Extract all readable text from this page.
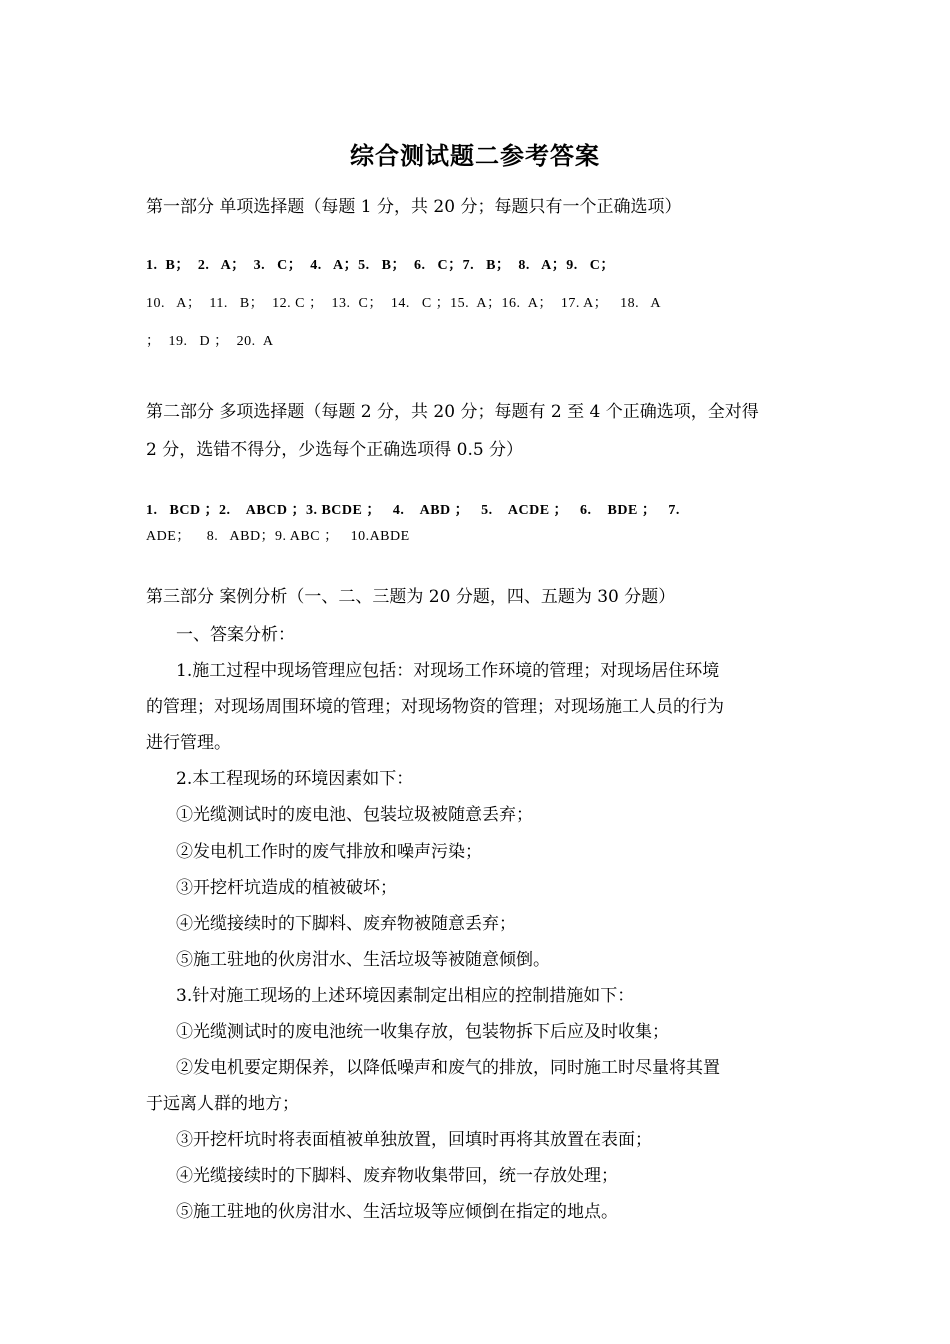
综合测试题二参考答案
第一部分 单项选择题（每题 1 分，共 20 分；每题只有一个正确选项）
1.  B；  2.   A；  3.   C；  4.   A；5.   B；  6.   C；7.   B；  8.   A；9.   C；
10.   A；  11.   B；  12. C ；  13.  C；  14.   C ；15.  A；16.  A；  17. A；   18.   A
；  19.   D ；  20.  A
第二部分 多项选择题（每题 2 分，共 20 分；每题有 2 至 4 个正确选项，全对得
2 分，选错不得分，少选每个正确选项得 0.5 分）
1.   BCD ；2.    ABCD ；3. BCDE ；   4.    ABD ；   5.    ACDE ；   6.    BDE ；   7.
ADE；    8.   ABD；9. ABC ；   10.ABDE
第三部分 案例分析（一、二、三题为 20 分题，四、五题为 30 分题）
一、答案分析：
1.施工过程中现场管理应包括：对现场工作环境的管理；对现场居住环境
的管理；对现场周围环境的管理；对现场物资的管理；对现场施工人员的行为
进行管理。
2.本工程现场的环境因素如下：
①光缆测试时的废电池、包装垃圾被随意丢弃；
②发电机工作时的废气排放和噪声污染；
③开挖杆坑造成的植被破坏；
④光缆接续时的下脚料、废弃物被随意丢弃；
⑤施工驻地的伙房泔水、生活垃圾等被随意倾倒。
3.针对施工现场的上述环境因素制定出相应的控制措施如下：
①光缆测试时的废电池统一收集存放，包装物拆下后应及时收集；
②发电机要定期保养，以降低噪声和废气的排放，同时施工时尽量将其置
于远离人群的地方；
③开挖杆坑时将表面植被单独放置，回填时再将其放置在表面；
④光缆接续时的下脚料、废弃物收集带回，统一存放处理；
⑤施工驻地的伙房泔水、生活垃圾等应倾倒在指定的地点。
